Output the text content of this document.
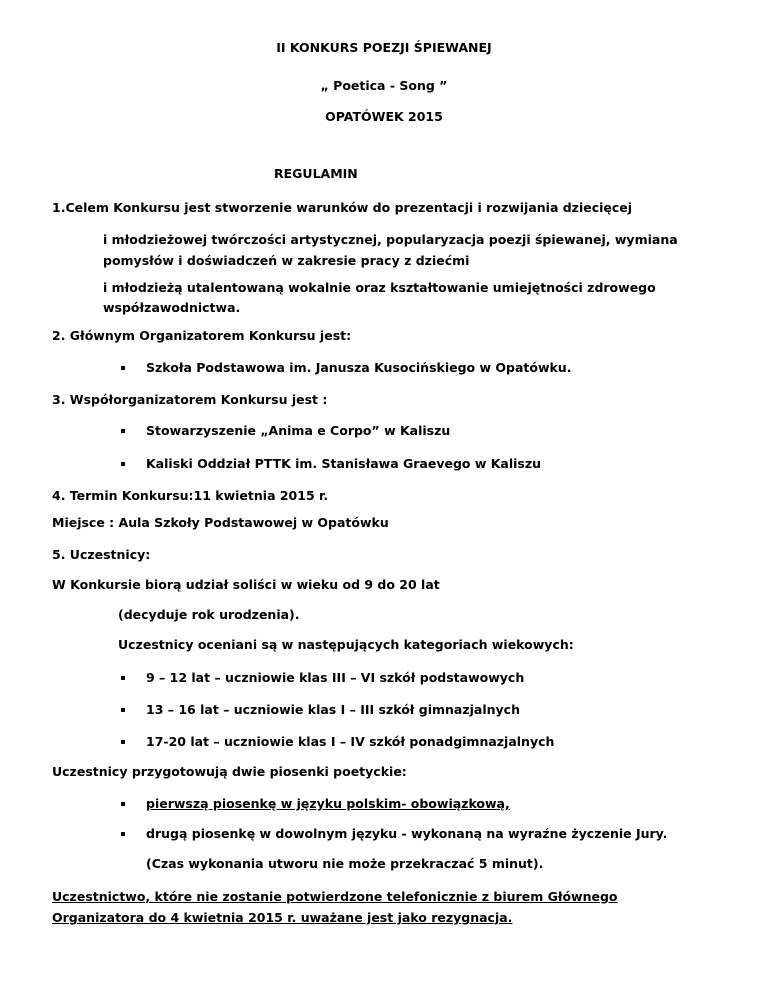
II KONKURS POEZJI ŚPIEWANEJ
„ Poetica - Song ”
OPATÓWEK 2015
REGULAMIN
1.Celem Konkursu jest stworzenie warunków do prezentacji i rozwijania dziecięcej
i młodzieżowej twórczości artystycznej, popularyzacja poezji śpiewanej, wymiana
pomysłów i doświadczeń w zakresie pracy z dziećmi
i młodzieżą utalentowaną wokalnie oraz kształtowanie umiejętności zdrowego
współzawodnictwa.
2. Głównym Organizatorem Konkursu jest:
Szkoła Podstawowa im. Janusza Kusocińskiego w Opatówku.
3. Współorganizatorem Konkursu jest :
Stowarzyszenie „Anima e Corpo” w Kaliszu
Kaliski Oddział PTTK im. Stanisława Graevego w Kaliszu
4. Termin Konkursu:11 kwietnia 2015 r.
Miejsce : Aula Szkoły Podstawowej w Opatówku
5. Uczestnicy:
W Konkursie biorą udział soliści w wieku od 9 do 20 lat
(decyduje rok urodzenia).
Uczestnicy oceniani są w następujących kategoriach wiekowych:
9 – 12 lat – uczniowie klas III – VI szkół podstawowych
13 – 16 lat – uczniowie klas I – III szkół gimnazjalnych
17-20 lat – uczniowie klas I – IV szkół ponadgimnazjalnych
Uczestnicy przygotowują dwie piosenki poetyckie:
pierwszą piosenkę w języku polskim- obowiązkową,
drugą piosenkę w dowolnym języku - wykonaną na wyraźne życzenie Jury.
(Czas wykonania utworu nie może przekraczać 5 minut).
Uczestnictwo, które nie zostanie potwierdzone telefonicznie z biurem Głównego
Organizatora do 4 kwietnia 2015 r. uważane jest jako rezygnacja.
